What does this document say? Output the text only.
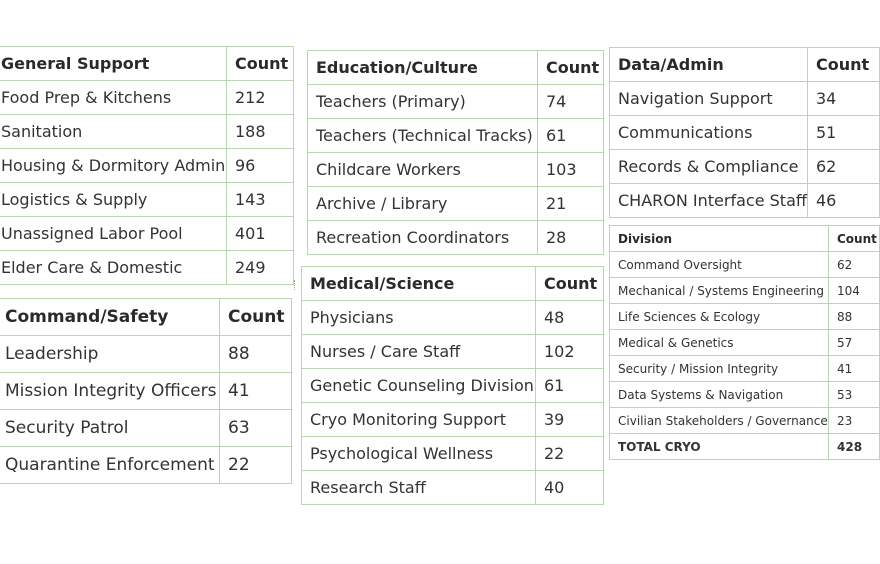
General Support	Count
Food Prep & Kitchens	212
Sanitation	188
Housing & Dormitory Admin	96
Logistics & Supply	143
Unassigned Labor Pool	401
Elder Care & Domestic	249
Command/Safety	Count
Leadership	88
Mission Integrity Officers	41
Security Patrol	63
Quarantine Enforcement	22
Education/Culture	Count
Teachers (Primary)	74
Teachers (Technical Tracks)	61
Childcare Workers	103
Archive / Library	21
Recreation Coordinators	28
Medical/Science	Count
Physicians	48
Nurses / Care Staff	102
Genetic Counseling Division	61
Cryo Monitoring Support	39
Psychological Wellness	22
Research Staff	40
Data/Admin	Count
Navigation Support	34
Communications	51
Records & Compliance	62
CHARON Interface Staff	46
Division	Count
Command Oversight	62
Mechanical / Systems Engineering	104
Life Sciences & Ecology	88
Medical & Genetics	57
Security / Mission Integrity	41
Data Systems & Navigation	53
Civilian Stakeholders / Governance	23
TOTAL CRYO	428
